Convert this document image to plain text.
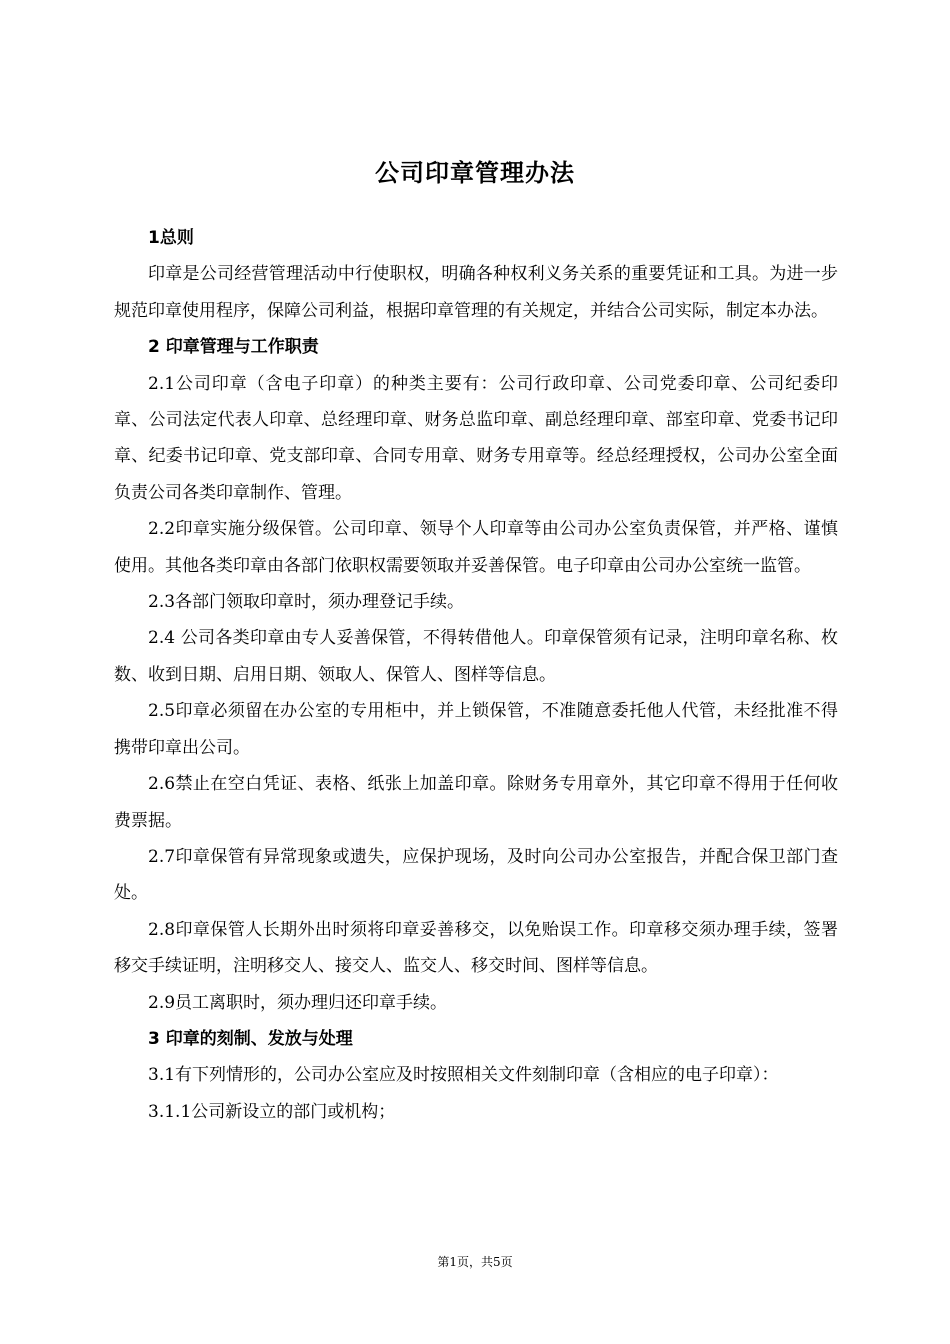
公司印章管理办法

1总则

印章是公司经营管理活动中行使职权，明确各种权利义务关系的重要凭证和工具。为进一步规范印章使用程序，保障公司利益，根据印章管理的有关规定，并结合公司实际，制定本办法。

2 印章管理与工作职责

2.1公司印章（含电子印章）的种类主要有：公司行政印章、公司党委印章、公司纪委印章、公司法定代表人印章、总经理印章、财务总监印章、副总经理印章、部室印章、党委书记印章、纪委书记印章、党支部印章、合同专用章、财务专用章等。经总经理授权，公司办公室全面负责公司各类印章制作、管理。

2.2印章实施分级保管。公司印章、领导个人印章等由公司办公室负责保管，并严格、谨慎使用。其他各类印章由各部门依职权需要领取并妥善保管。电子印章由公司办公室统一监管。

2.3各部门领取印章时，须办理登记手续。

2.4 公司各类印章由专人妥善保管，不得转借他人。印章保管须有记录，注明印章名称、枚数、收到日期、启用日期、领取人、保管人、图样等信息。

2.5印章必须留在办公室的专用柜中，并上锁保管，不准随意委托他人代管，未经批准不得携带印章出公司。

2.6禁止在空白凭证、表格、纸张上加盖印章。除财务专用章外，其它印章不得用于任何收费票据。

2.7印章保管有异常现象或遗失，应保护现场，及时向公司办公室报告，并配合保卫部门查处。

2.8印章保管人长期外出时须将印章妥善移交，以免贻误工作。印章移交须办理手续，签署移交手续证明，注明移交人、接交人、监交人、移交时间、图样等信息。

2.9员工离职时，须办理归还印章手续。

3 印章的刻制、发放与处理

3.1有下列情形的，公司办公室应及时按照相关文件刻制印章（含相应的电子印章）：

3.1.1公司新设立的部门或机构；

第1页，共5页
